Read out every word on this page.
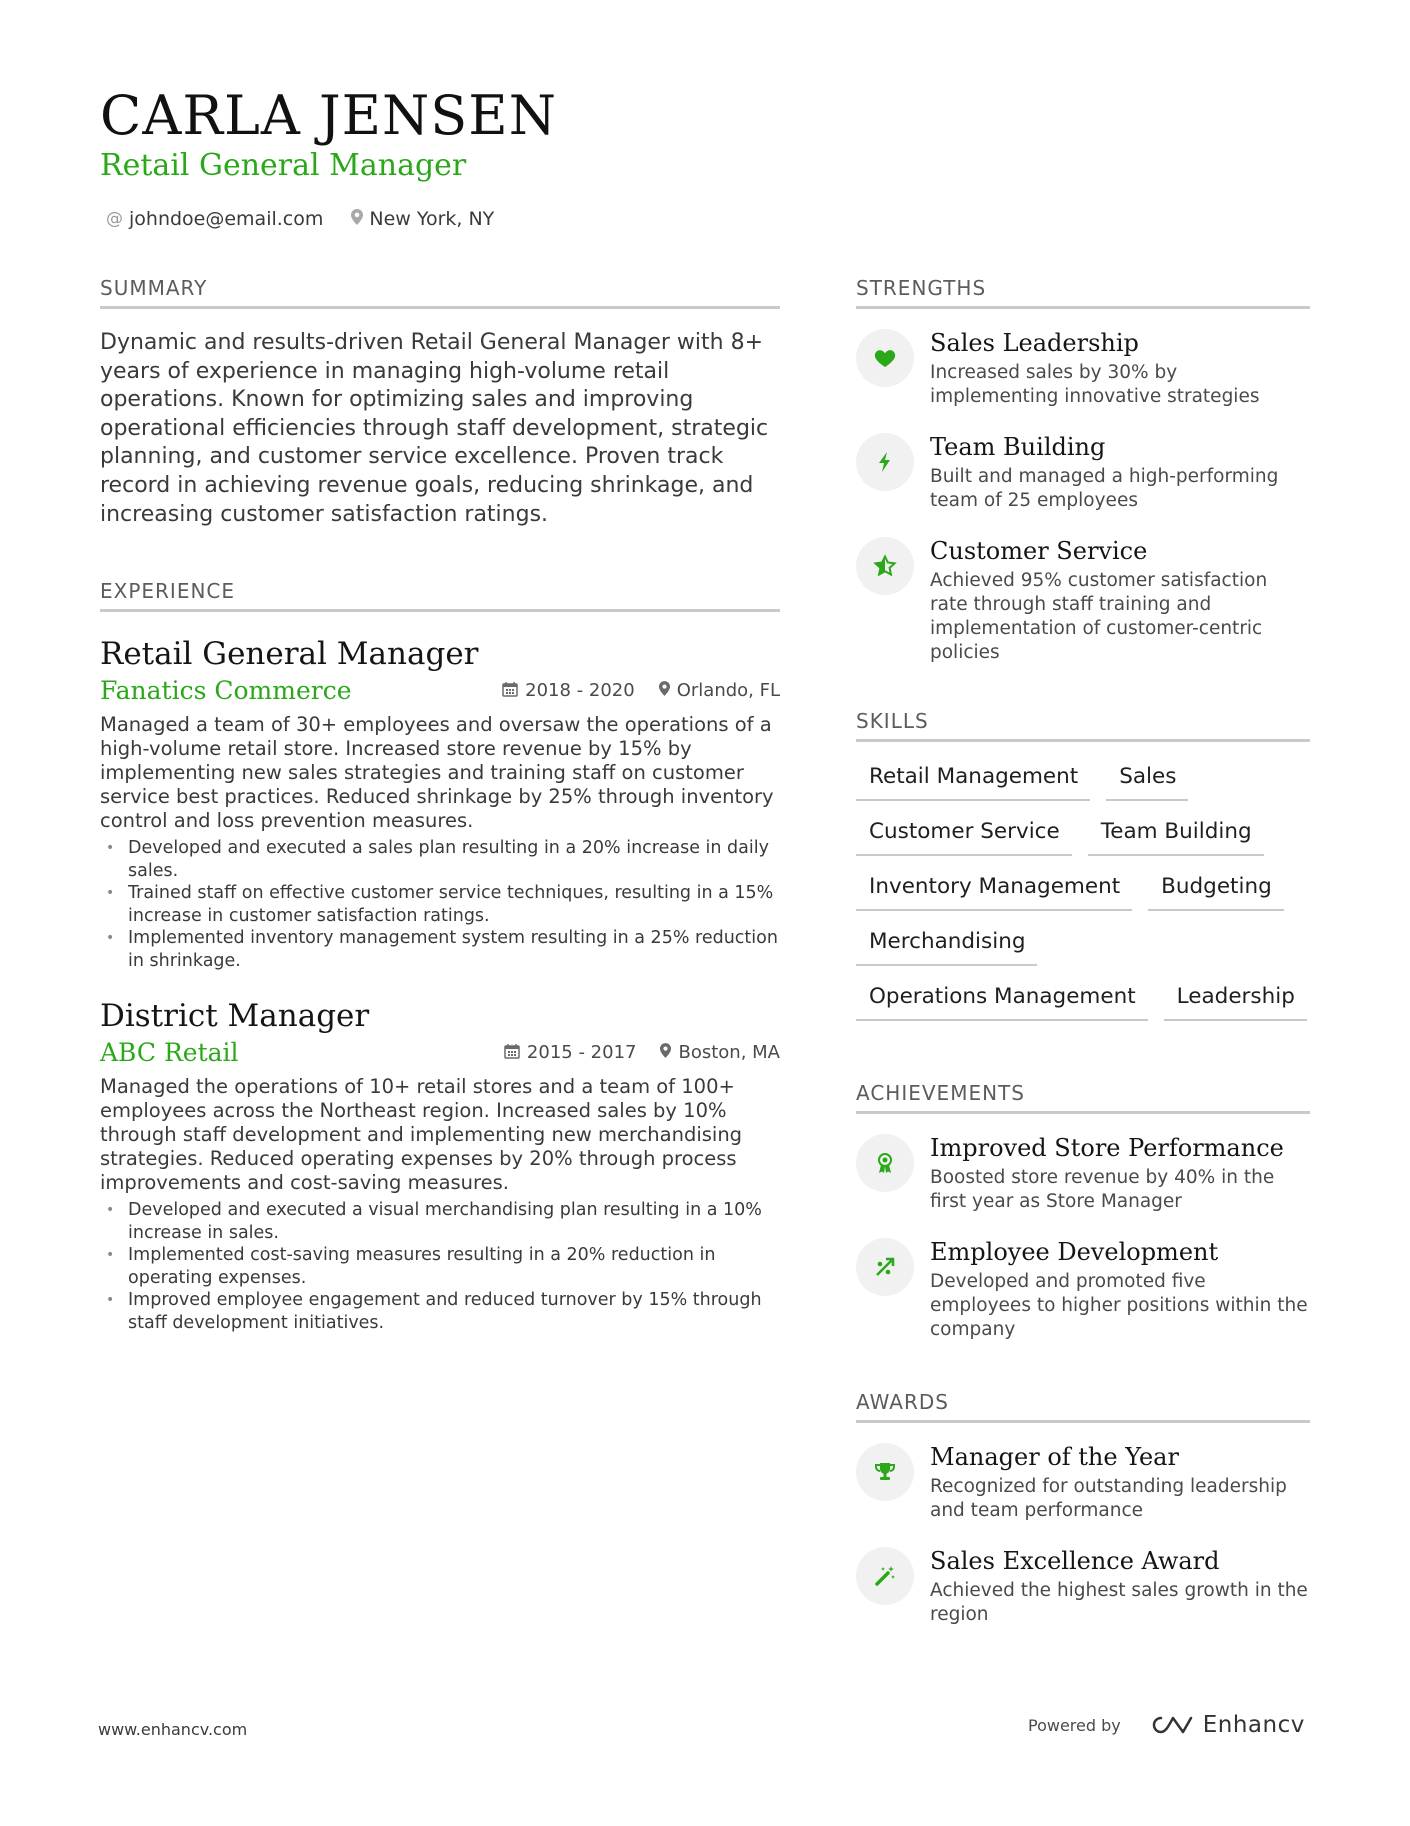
CARLA JENSEN
Retail General Manager
@ johndoe@email.com New York, NY
SUMMARY

Dynamic and results-driven Retail General Manager with 8+ years of experience in managing high-volume retail operations. Known for optimizing sales and improving operational efficiencies through staff development, strategic planning, and customer service excellence. Proven track record in achieving revenue goals, reducing shrinkage, and increasing customer satisfaction ratings.

EXPERIENCE
Retail General Manager
Fanatics Commerce	2018 - 2020 Orlando, FL

Managed a team of 30+ employees and oversaw the operations of a high-volume retail store. Increased store revenue by 15% by implementing new sales strategies and training staff on customer service best practices. Reduced shrinkage by 25% through inventory control and loss prevention measures.

• Developed and executed a sales plan resulting in a 20% increase in daily sales.
• Trained staff on effective customer service techniques, resulting in a 15% increase in customer satisfaction ratings.
• Implemented inventory management system resulting in a 25% reduction in shrinkage.
District Manager
ABC Retail	2015 - 2017 Boston, MA

Managed the operations of 10+ retail stores and a team of 100+ employees across the Northeast region. Increased sales by 10% through staff development and implementing new merchandising strategies. Reduced operating expenses by 20% through process improvements and cost-saving measures.

• Developed and executed a visual merchandising plan resulting in a 10% increase in sales.
• Implemented cost-saving measures resulting in a 20% reduction in operating expenses.
• Improved employee engagement and reduced turnover by 15% through staff development initiatives.
STRENGTHS
Sales Leadership
Increased sales by 30% by implementing innovative strategies
Team Building
Built and managed a high-performing team of 25 employees
Customer Service
Achieved 95% customer satisfaction rate through staff training and implementation of customer-centric policies
SKILLS
Retail Management	Sales
Customer Service	Team Building
Inventory Management	Budgeting
Merchandising
Operations Management	Leadership
ACHIEVEMENTS
Improved Store Performance
Boosted store revenue by 40% in the first year as Store Manager
Employee Development
Developed and promoted five employees to higher positions within the company
AWARDS
Manager of the Year
Recognized for outstanding leadership and team performance
Sales Excellence Award
Achieved the highest sales growth in the region
www.enhancv.com	Powered by	Enhancv
